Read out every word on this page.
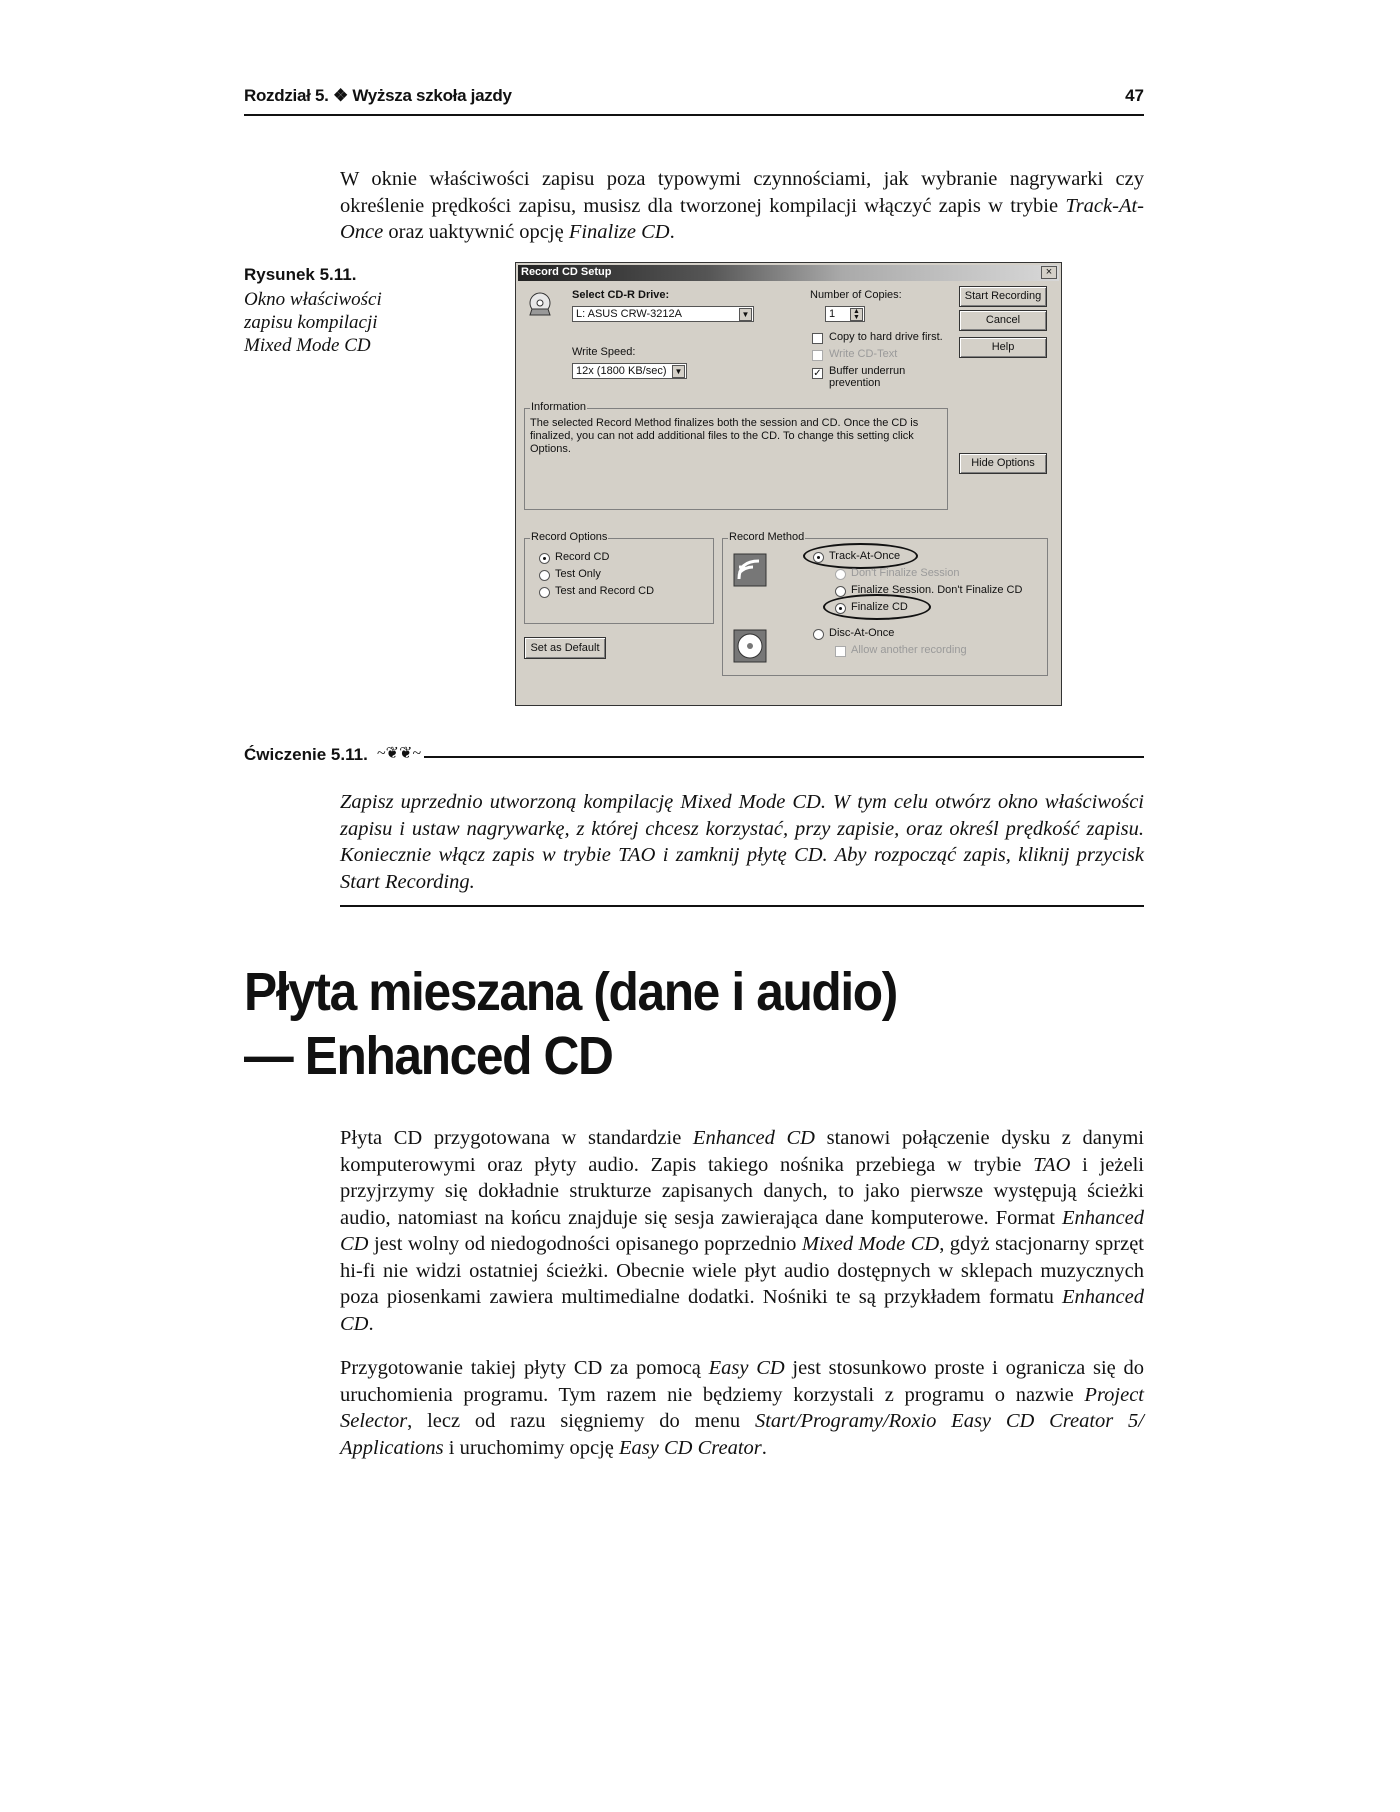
Rozdział 5. ❖ Wyższa szkoła jazdy	47

W oknie właściwości zapisu poza typowymi czynnościami, jak wybranie nagrywarki czy określenie prędkości zapisu, musisz dla tworzonej kompilacji włączyć zapis w trybie Track-At-Once oraz uaktywnić opcję Finalize CD.

Rysunek 5.11.
Okno właściwości zapisu kompilacji Mixed Mode CD
Record CD Setup	×
Select CD-R Drive:
L: ASUS CRW-3212A	▼
Write Speed:
12x (1800 KB/sec)	▼
Number of Copies:
1	▲
▼
Copy to hard drive first.
Write CD-Text
✓ Buffer underrun prevention
Start Recording
Cancel
Help
Hide Options
Information
The selected Record Method finalizes both the session and CD. Once the CD is finalized, you can not add additional files to the CD. To change this setting click Options.
Record Options
Record CD
Test Only
Test and Record CD
Set as Default
Record Method
Track-At-Once
Don't Finalize Session
Finalize Session. Don't Finalize CD
Finalize CD
Disc-At-Once
Allow another recording
Ćwiczenie 5.11. ~❦❦~

Zapisz uprzednio utworzoną kompilację Mixed Mode CD. W tym celu otwórz okno właściwości zapisu i ustaw nagrywarkę, z której chcesz korzystać, przy zapisie, oraz określ prędkość zapisu. Koniecznie włącz zapis w trybie TAO i zamknij płytę CD. Aby rozpocząć zapis, kliknij przycisk Start Recording.

Płyta mieszana (dane i audio)
— Enhanced CD

Płyta CD przygotowana w standardzie Enhanced CD stanowi połączenie dysku z danymi komputerowymi oraz płyty audio. Zapis takiego nośnika przebiega w trybie TAO i jeżeli przyjrzymy się dokładnie strukturze zapisanych danych, to jako pierwsze występują ścieżki audio, natomiast na końcu znajduje się sesja zawierająca dane komputerowe. Format Enhanced CD jest wolny od niedogodności opisanego poprzednio Mixed Mode CD, gdyż stacjonarny sprzęt hi-fi nie widzi ostatniej ścieżki. Obecnie wiele płyt audio dostępnych w sklepach muzycznych poza piosenkami zawiera multimedialne dodatki. Nośniki te są przykładem formatu Enhanced CD.

Przygotowanie takiej płyty CD za pomocą Easy CD jest stosunkowo proste i ogranicza się do uruchomienia programu. Tym razem nie będziemy korzystali z programu o nazwie Project Selector, lecz od razu sięgniemy do menu Start/Programy/Roxio Easy CD Creator 5/ Applications i uruchomimy opcję Easy CD Creator.
